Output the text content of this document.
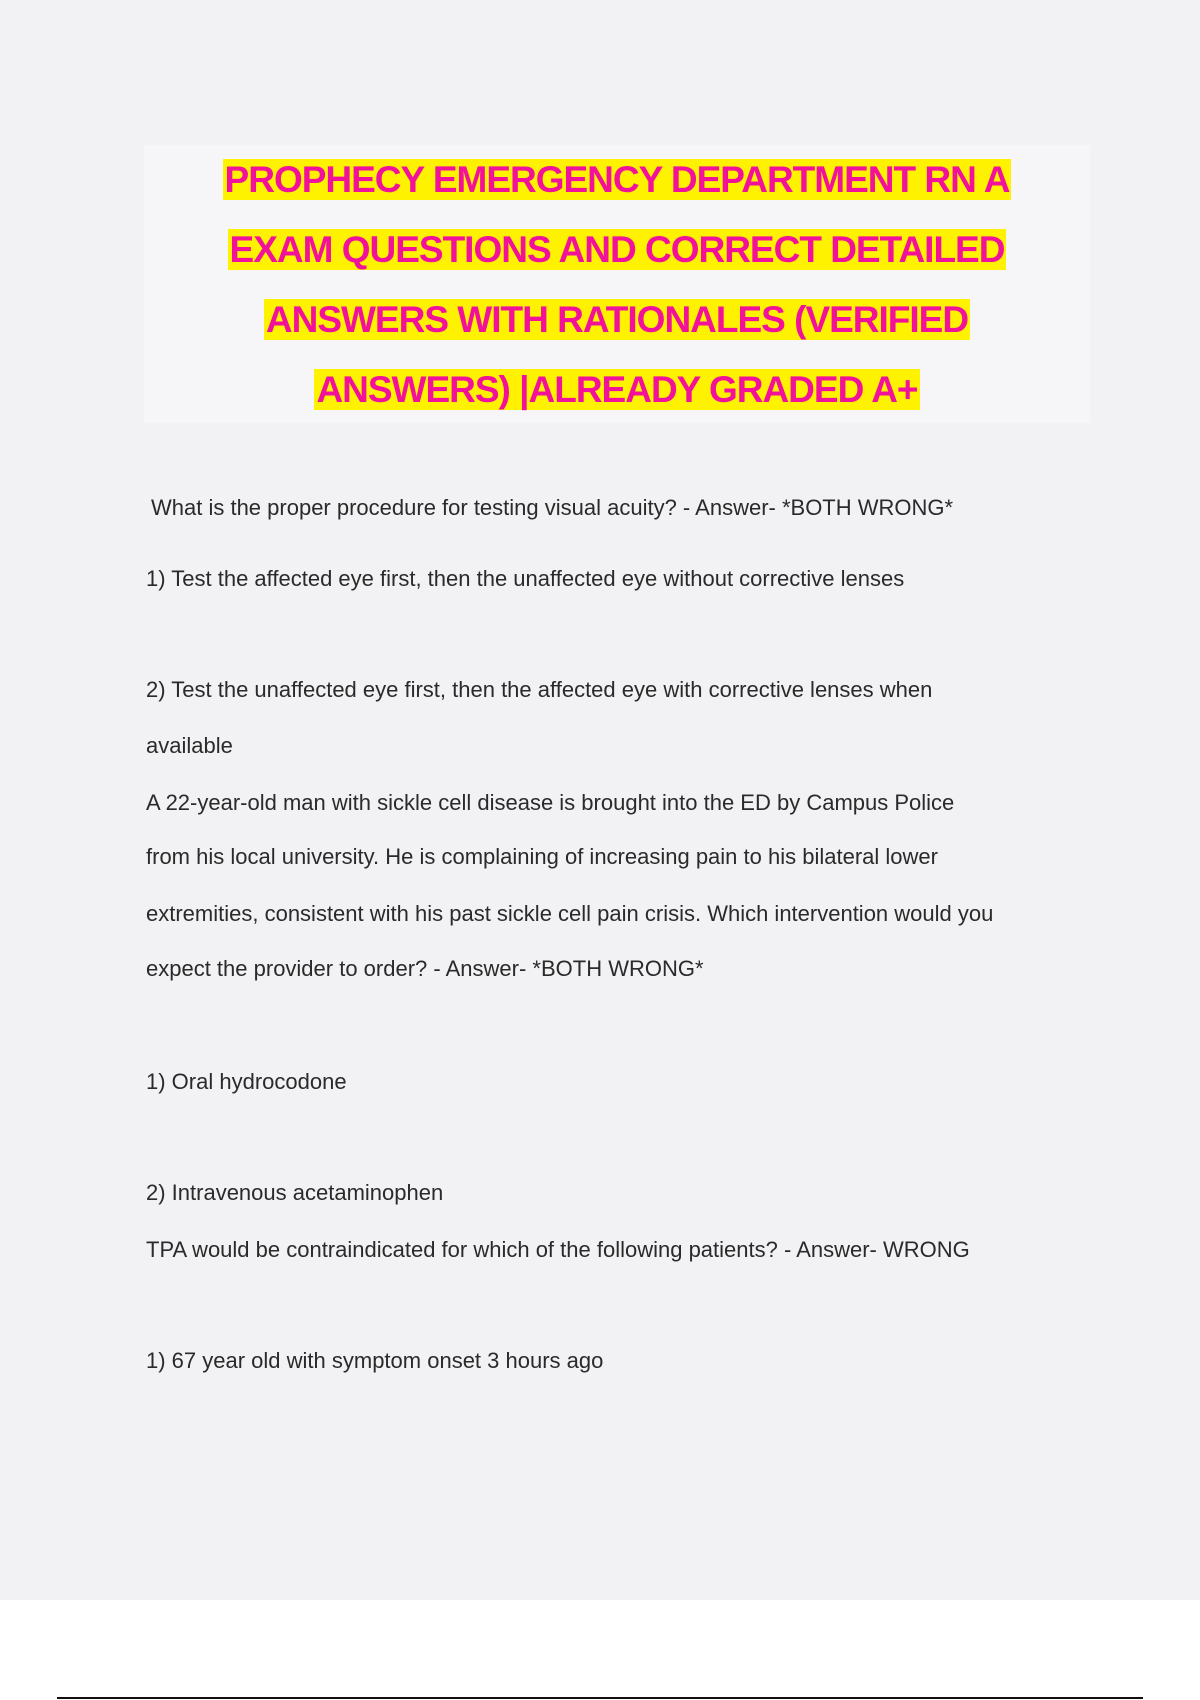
PROPHECY EMERGENCY DEPARTMENT RN A
EXAM QUESTIONS AND CORRECT DETAILED
ANSWERS WITH RATIONALES (VERIFIED
ANSWERS) |ALREADY GRADED A+

What is the proper procedure for testing visual acuity? - Answer- *BOTH WRONG*

1) Test the affected eye first, then the unaffected eye without corrective lenses

2) Test the unaffected eye first, then the affected eye with corrective lenses when

available

A 22-year-old man with sickle cell disease is brought into the ED by Campus Police

from his local university. He is complaining of increasing pain to his bilateral lower

extremities, consistent with his past sickle cell pain crisis. Which intervention would you

expect the provider to order? - Answer- *BOTH WRONG*

1) Oral hydrocodone

2) Intravenous acetaminophen

TPA would be contraindicated for which of the following patients? - Answer- WRONG

1) 67 year old with symptom onset 3 hours ago
